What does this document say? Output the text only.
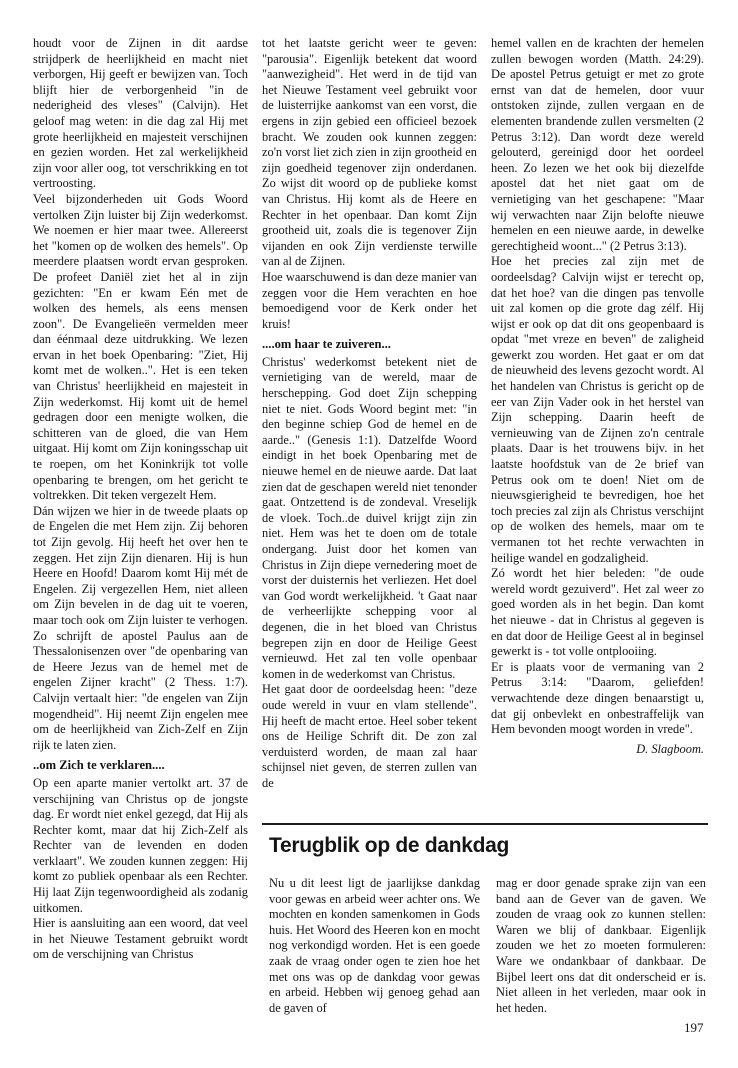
houdt voor de Zijnen in dit aardse strijdperk de heerlijkheid en macht niet verborgen, Hij geeft er bewijzen van. Toch blijft hier de verborgenheid "in de nederigheid des vleses" (Calvijn). Het geloof mag weten: in die dag zal Hij met grote heerlijkheid en majesteit verschijnen en gezien worden. Het zal werkelijkheid zijn voor aller oog, tot verschrikking en tot vertroosting.

Veel bijzonderheden uit Gods Woord vertolken Zijn luister bij Zijn wederkomst. We noemen er hier maar twee. Allereerst het "komen op de wolken des hemels". Op meerdere plaatsen wordt ervan gesproken. De profeet Daniël ziet het al in zijn gezichten: "En er kwam Eén met de wolken des hemels, als eens mensen zoon". De Evangelieën vermelden meer dan éénmaal deze uitdrukking. We lezen ervan in het boek Openbaring: "Ziet, Hij komt met de wolken..". Het is een teken van Christus' heerlijkheid en majesteit in Zijn wederkomst. Hij komt uit de hemel gedragen door een menigte wolken, die schitteren van de gloed, die van Hem uitgaat. Hij komt om Zijn koningsschap uit te roepen, om het Koninkrijk tot volle openbaring te brengen, om het gericht te voltrekken. Dit teken vergezelt Hem.

Dán wijzen we hier in de tweede plaats op de Engelen die met Hem zijn. Zij behoren tot Zijn gevolg. Hij heeft het over hen te zeggen. Het zijn Zijn dienaren. Hij is hun Heere en Hoofd! Daarom komt Hij mét de Engelen. Zij vergezellen Hem, niet alleen om Zijn bevelen in de dag uit te voeren, maar toch ook om Zijn luister te verhogen. Zo schrijft de apostel Paulus aan de Thessalonisenzen over "de openbaring van de Heere Jezus van de hemel met de engelen Zijner kracht" (2 Thess. 1:7). Calvijn vertaalt hier: "de engelen van Zijn mogendheid". Hij neemt Zijn engelen mee om de heerlijkheid van Zich-Zelf en Zijn rijk te laten zien.

..om Zich te verklaren....

Op een aparte manier vertolkt art. 37 de verschijning van Christus op de jongste dag. Er wordt niet enkel gezegd, dat Hij als Rechter komt, maar dat hij Zich-Zelf als Rechter van de levenden en doden verklaart". We zouden kunnen zeggen: Hij komt zo publiek openbaar als een Rechter. Hij laat Zijn tegenwoordigheid als zodanig uitkomen.

Hier is aansluiting aan een woord, dat veel in het Nieuwe Testament gebruikt wordt om de verschijning van Christus

tot het laatste gericht weer te geven: "parousia". Eigenlijk betekent dat woord "aanwezigheid". Het werd in de tijd van het Nieuwe Testament veel gebruikt voor de luisterrijke aankomst van een vorst, die ergens in zijn gebied een officieel bezoek bracht. We zouden ook kunnen zeggen: zo'n vorst liet zich zien in zijn grootheid en zijn goedheid tegenover zijn onderdanen. Zo wijst dit woord op de publieke komst van Christus. Hij komt als de Heere en Rechter in het openbaar. Dan komt Zijn grootheid uit, zoals die is tegenover Zijn vijanden en ook Zijn verdienste terwille van al de Zijnen.

Hoe waarschuwend is dan deze manier van zeggen voor die Hem verachten en hoe bemoedigend voor de Kerk onder het kruis!

....om haar te zuiveren...

Christus' wederkomst betekent niet de vernietiging van de wereld, maar de herschepping. God doet Zijn schepping niet te niet. Gods Woord begint met: "in den beginne schiep God de hemel en de aarde.." (Genesis 1:1). Datzelfde Woord eindigt in het boek Openbaring met de nieuwe hemel en de nieuwe aarde. Dat laat zien dat de geschapen wereld niet tenonder gaat. Ontzettend is de zondeval. Vreselijk de vloek. Toch..de duivel krijgt zijn zin niet. Hem was het te doen om de totale ondergang. Juist door het komen van Christus in Zijn diepe vernedering moet de vorst der duisternis het verliezen. Het doel van God wordt werkelijkheid. 't Gaat naar de verheerlijkte schepping voor al degenen, die in het bloed van Christus begrepen zijn en door de Heilige Geest vernieuwd. Het zal ten volle openbaar komen in de wederkomst van Christus.

Het gaat door de oordeelsdag heen: "deze oude wereld in vuur en vlam stellende". Hij heeft de macht ertoe. Heel sober tekent ons de Heilige Schrift dit. De zon zal verduisterd worden, de maan zal haar schijnsel niet geven, de sterren zullen van de

hemel vallen en de krachten der hemelen zullen bewogen worden (Matth. 24:29). De apostel Petrus getuigt er met zo grote ernst van dat de hemelen, door vuur ontstoken zijnde, zullen vergaan en de elementen brandende zullen versmelten (2 Petrus 3:12). Dan wordt deze wereld gelouterd, gereinigd door het oordeel heen. Zo lezen we het ook bij diezelfde apostel dat het niet gaat om de vernietiging van het geschapene: "Maar wij verwachten naar Zijn belofte nieuwe hemelen en een nieuwe aarde, in dewelke gerechtigheid woont..." (2 Petrus 3:13).

Hoe het precies zal zijn met de oordeelsdag? Calvijn wijst er terecht op, dat het hoe? van die dingen pas tenvolle uit zal komen op die grote dag zélf. Hij wijst er ook op dat dit ons geopenbaard is opdat "met vreze en beven" de zaligheid gewerkt zou worden. Het gaat er om dat de nieuwheid des levens gezocht wordt. Al het handelen van Christus is gericht op de eer van Zijn Vader ook in het herstel van Zijn schepping. Daarin heeft de vernieuwing van de Zijnen zo'n centrale plaats. Daar is het trouwens bijv. in het laatste hoofdstuk van de 2e brief van Petrus ook om te doen! Niet om de nieuwsgierigheid te bevredigen, hoe het toch precies zal zijn als Christus verschijnt op de wolken des hemels, maar om te vermanen tot het rechte verwachten in heilige wandel en godzaligheid.

Zó wordt het hier beleden: "de oude wereld wordt gezuiverd". Het zal weer zo goed worden als in het begin. Dan komt het nieuwe - dat in Christus al gegeven is en dat door de Heilige Geest al in beginsel gewerkt is - tot volle ontplooiing.

Er is plaats voor de vermaning van 2 Petrus 3:14: "Daarom, geliefden! verwachtende deze dingen benaarstigt u, dat gij onbevlekt en onbestraffelijk van Hem bevonden moogt worden in vrede".

D. Slagboom.

Terugblik op de dankdag

Nu u dit leest ligt de jaarlijkse dankdag voor gewas en arbeid weer achter ons. We mochten en konden samenkomen in Gods huis. Het Woord des Heeren kon en mocht nog verkondigd worden. Het is een goede zaak de vraag onder ogen te zien hoe het met ons was op de dankdag voor gewas en arbeid. Hebben wij genoeg gehad aan de gaven of

mag er door genade sprake zijn van een band aan de Gever van de gaven. We zouden de vraag ook zo kunnen stellen: Waren we blij of dankbaar. Eigenlijk zouden we het zo moeten formuleren: Ware we ondankbaar of dankbaar. De Bijbel leert ons dat dit onderscheid er is. Niet alleen in het verleden, maar ook in het heden.

197
